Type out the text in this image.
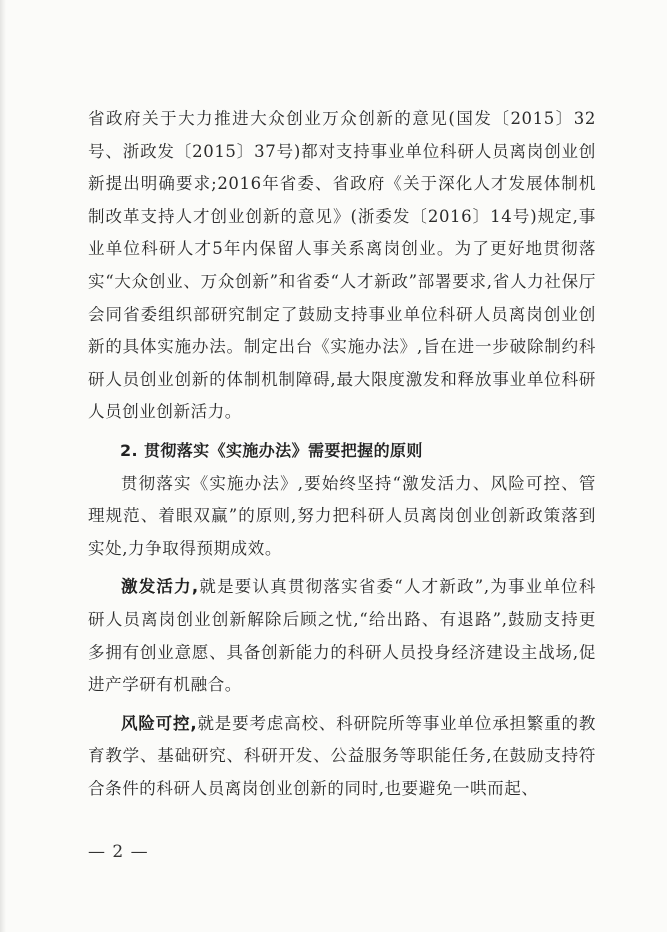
省政府关于大力推进大众创业万众创新的意见(国发〔2015〕32号、浙政发〔2015〕37号)都对支持事业单位科研人员离岗创业创新提出明确要求;2016年省委、省政府《关于深化人才发展体制机制改革支持人才创业创新的意见》(浙委发〔2016〕14号)规定,事业单位科研人才5年内保留人事关系离岗创业。为了更好地贯彻落实“大众创业、万众创新”和省委“人才新政”部署要求,省人力社保厅会同省委组织部研究制定了鼓励支持事业单位科研人员离岗创业创新的具体实施办法。制定出台《实施办法》,旨在进一步破除制约科研人员创业创新的体制机制障碍,最大限度激发和释放事业单位科研人员创业创新活力。

2. 贯彻落实《实施办法》需要把握的原则

贯彻落实《实施办法》,要始终坚持“激发活力、风险可控、管理规范、着眼双赢”的原则,努力把科研人员离岗创业创新政策落到实处,力争取得预期成效。

激发活力,就是要认真贯彻落实省委“人才新政”,为事业单位科研人员离岗创业创新解除后顾之忧,“给出路、有退路”,鼓励支持更多拥有创业意愿、具备创新能力的科研人员投身经济建设主战场,促进产学研有机融合。

风险可控,就是要考虑高校、科研院所等事业单位承担繁重的教育教学、基础研究、科研开发、公益服务等职能任务,在鼓励支持符合条件的科研人员离岗创业创新的同时,也要避免一哄而起、

— 2 —
